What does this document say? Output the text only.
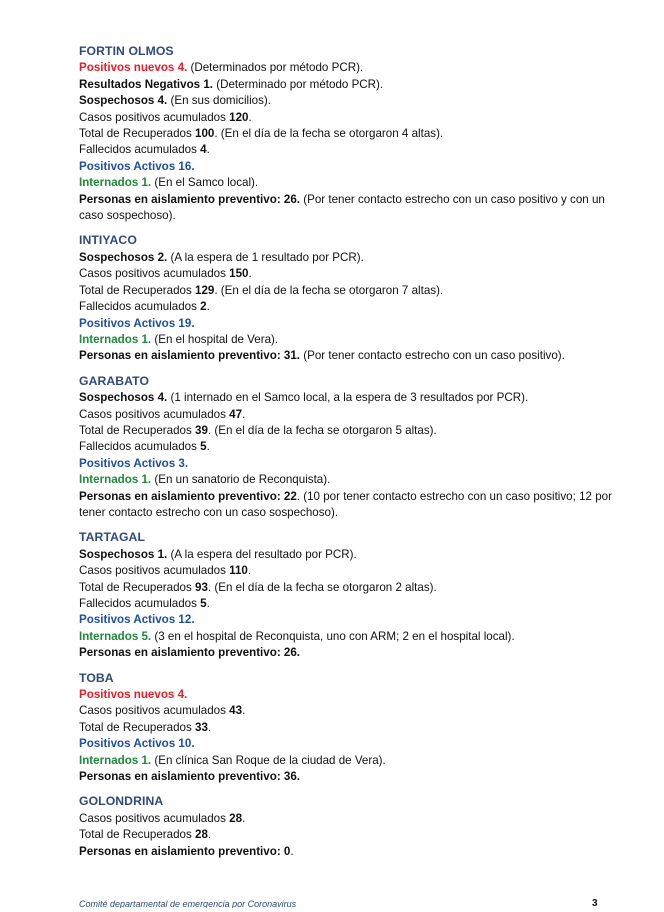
FORTIN OLMOS

Positivos nuevos 4. (Determinados por método PCR).

Resultados Negativos 1. (Determinado por método PCR).

Sospechosos 4. (En sus domicilios).

Casos positivos acumulados 120.

Total de Recuperados 100. (En el día de la fecha se otorgaron 4 altas).

Fallecidos acumulados 4.

Positivos Activos 16.

Internados 1. (En el Samco local).

Personas en aislamiento preventivo: 26. (Por tener contacto estrecho con un caso positivo y con un caso sospechoso).

INTIYACO

Sospechosos 2. (A la espera de 1 resultado por PCR).

Casos positivos acumulados 150.

Total de Recuperados 129. (En el día de la fecha se otorgaron 7 altas).

Fallecidos acumulados 2.

Positivos Activos 19.

Internados 1. (En el hospital de Vera).

Personas en aislamiento preventivo: 31. (Por tener contacto estrecho con un caso positivo).

GARABATO

Sospechosos 4. (1 internado en el Samco local, a la espera de 3 resultados por PCR).

Casos positivos acumulados 47.

Total de Recuperados 39. (En el día de la fecha se otorgaron 5 altas).

Fallecidos acumulados 5.

Positivos Activos 3.

Internados 1. (En un sanatorio de Reconquista).

Personas en aislamiento preventivo: 22. (10 por tener contacto estrecho con un caso positivo; 12 por tener contacto estrecho con un caso sospechoso).

TARTAGAL

Sospechosos 1. (A la espera del resultado por PCR).

Casos positivos acumulados 110.

Total de Recuperados 93. (En el día de la fecha se otorgaron 2 altas).

Fallecidos acumulados 5.

Positivos Activos 12.

Internados 5. (3 en el hospital de Reconquista, uno con ARM; 2 en el hospital local).

Personas en aislamiento preventivo: 26.

TOBA

Positivos nuevos 4.

Casos positivos acumulados 43.

Total de Recuperados 33.

Positivos Activos 10.

Internados 1. (En clínica San Roque de la ciudad de Vera).

Personas en aislamiento preventivo: 36.

GOLONDRINA

Casos positivos acumulados 28.

Total de Recuperados 28.

Personas en aislamiento preventivo: 0.

Comité departamental de emergencia por Coronavirus	3
